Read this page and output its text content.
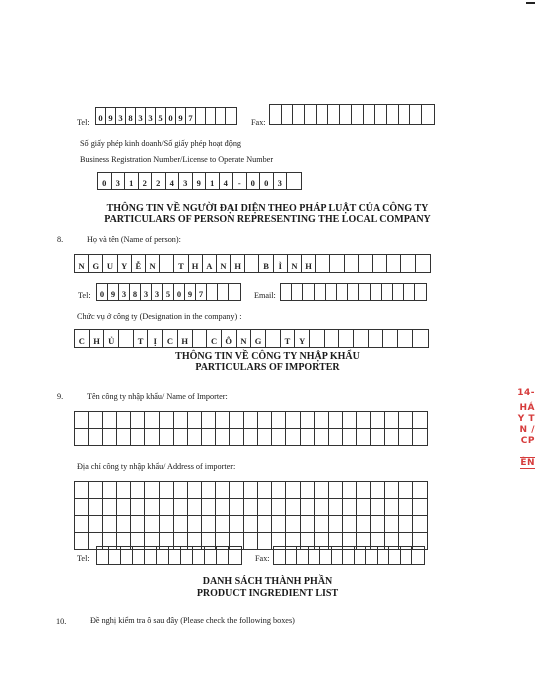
Tel: 0 9 3 8 3 3 5 0 9 7	Fax:
Số giấy phép kinh doanh/Số giấy phép hoạt động
Business Registration Number/License to Operate Number
0	3	1	2	2	4	3	9	1	4	-	0	0	3
THÔNG TIN VỀ NGƯỜI ĐẠI DIỆN THEO PHÁP LUẬT CỦA CÔNG TY
PARTICULARS OF PERSON REPRESENTING THE LOCAL COMPANY
8.	Họ và tên (Name of person):
N G U Y Ễ N	T H A N H	B	Ì	N H
Tel:	0 9 3 8 3 3 5 0 9 7	Email:
Chức vụ ở công ty (Designation in the company) :
C H Ủ	T	Ị	C H	C Ô N G	T	Y
THÔNG TIN VỀ CÔNG TY NHẬP KHẨU
PARTICULARS OF IMPORTER
9.	Tên công ty nhập khẩu/ Name of Importer:
Địa chỉ công ty nhập khẩu/ Address of importer:
Tel:	Fax:
DANH SÁCH THÀNH PHẦN
PRODUCT INGREDIENT LIST
10.	Đề nghị kiểm tra ô sau đây (Please check the following boxes)
14-
HÁ
Y T
N /
CP
ÊN
